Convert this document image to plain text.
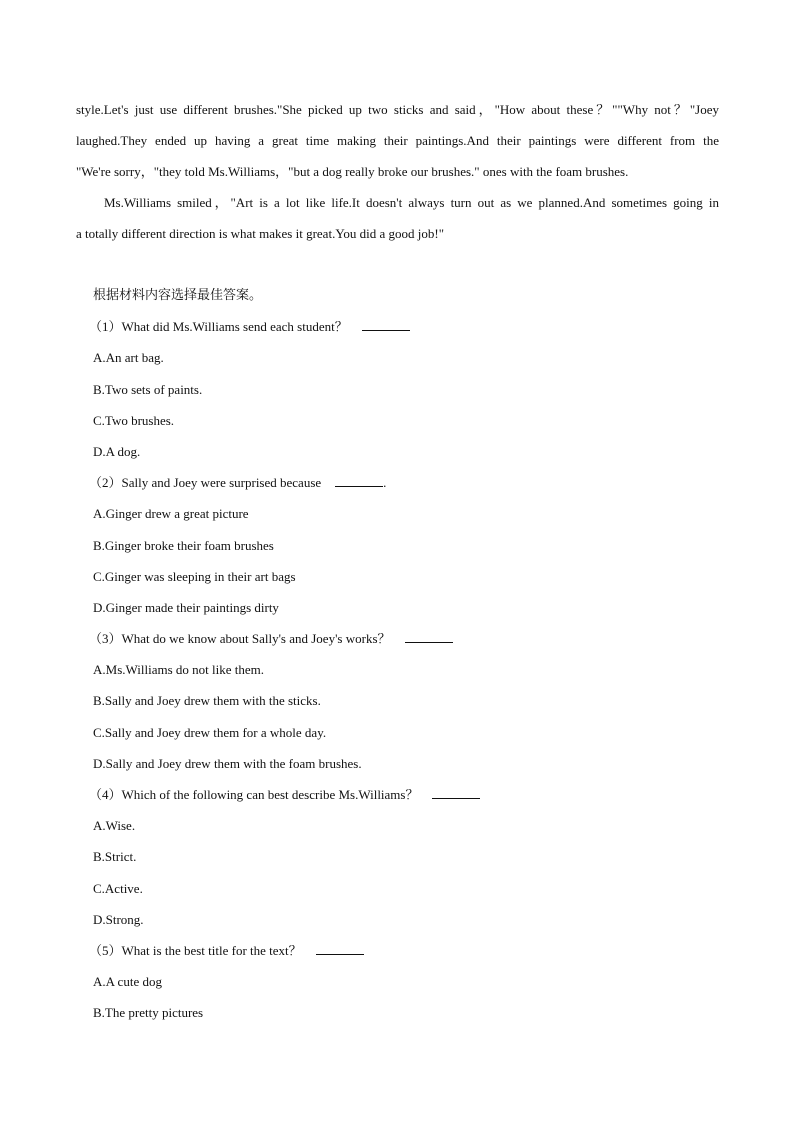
style.Let's just use different brushes."She picked up two sticks and said，"How about these？""Why not？"Joey
laughed.They ended up having a great time making their paintings.And their paintings were different from the
"We're sorry，"they told Ms.Williams，"but a dog really broke our brushes." ones with the foam brushes.
Ms.Williams smiled，"Art is a lot like life.It doesn't always turn out as we planned.And sometimes going in
a totally different direction is what makes it great.You did a good job!"
根据材料内容选择最佳答案。
（1）What did Ms.Williams send each student？
A.An art bag.
B.Two sets of paints.
C.Two brushes.
D.A dog.
（2）Sally and Joey were surprised because	.
A.Ginger drew a great picture
B.Ginger broke their foam brushes
C.Ginger was sleeping in their art bags
D.Ginger made their paintings dirty
（3）What do we know about Sally's and Joey's works？
A.Ms.Williams do not like them.
B.Sally and Joey drew them with the sticks.
C.Sally and Joey drew them for a whole day.
D.Sally and Joey drew them with the foam brushes.
（4）Which of the following can best describe Ms.Williams？
A.Wise.
B.Strict.
C.Active.
D.Strong.
（5）What is the best title for the text？
A.A cute dog
B.The pretty pictures
